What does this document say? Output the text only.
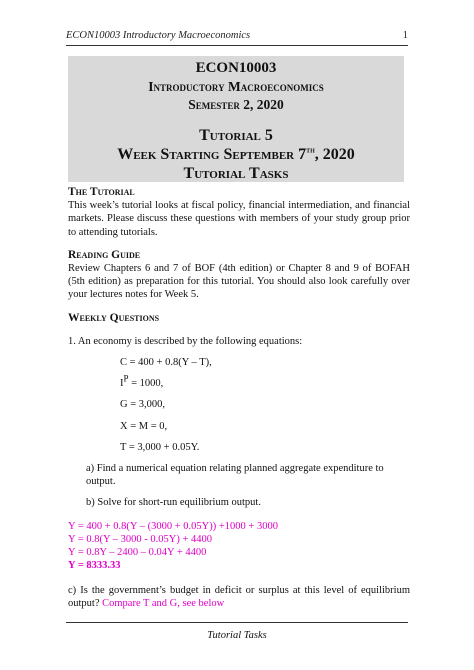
ECON10003 Introductory Macroeconomics	1
ECON10003
Introductory Macroeconomics
Semester 2, 2020
Tutorial 5
Week Starting September 7th, 2020
Tutorial Tasks
The Tutorial

This week’s tutorial looks at fiscal policy, financial intermediation, and financial markets. Please discuss these questions with members of your study group prior to attending tutorials.

Reading Guide

Review Chapters 6 and 7 of BOF (4th edition) or Chapter 8 and 9 of BOFAH (5th edition) as preparation for this tutorial. You should also look carefully over your lectures notes for Week 5.

Weekly Questions
1. An economy is described by the following equations:
C = 400 + 0.8(Y – T),
$I^P = 1000$,
G = 3,000,
X = M = 0,
T = 3,000 + 0.05Y.
a) Find a numerical equation relating planned aggregate expenditure to output.
b) Solve for short-run equilibrium output.
Y = 400 + 0.8(Y – (3000 + 0.05Y)) +1000 + 3000
Y = 0.8(Y – 3000 - 0.05Y) + 4400
Y = 0.8Y – 2400 – 0.04Y + 4400
Y = 8333.33
c) Is the government’s budget in deficit or surplus at this level of equilibrium output? Compare T and G, see below
Tutorial Tasks
